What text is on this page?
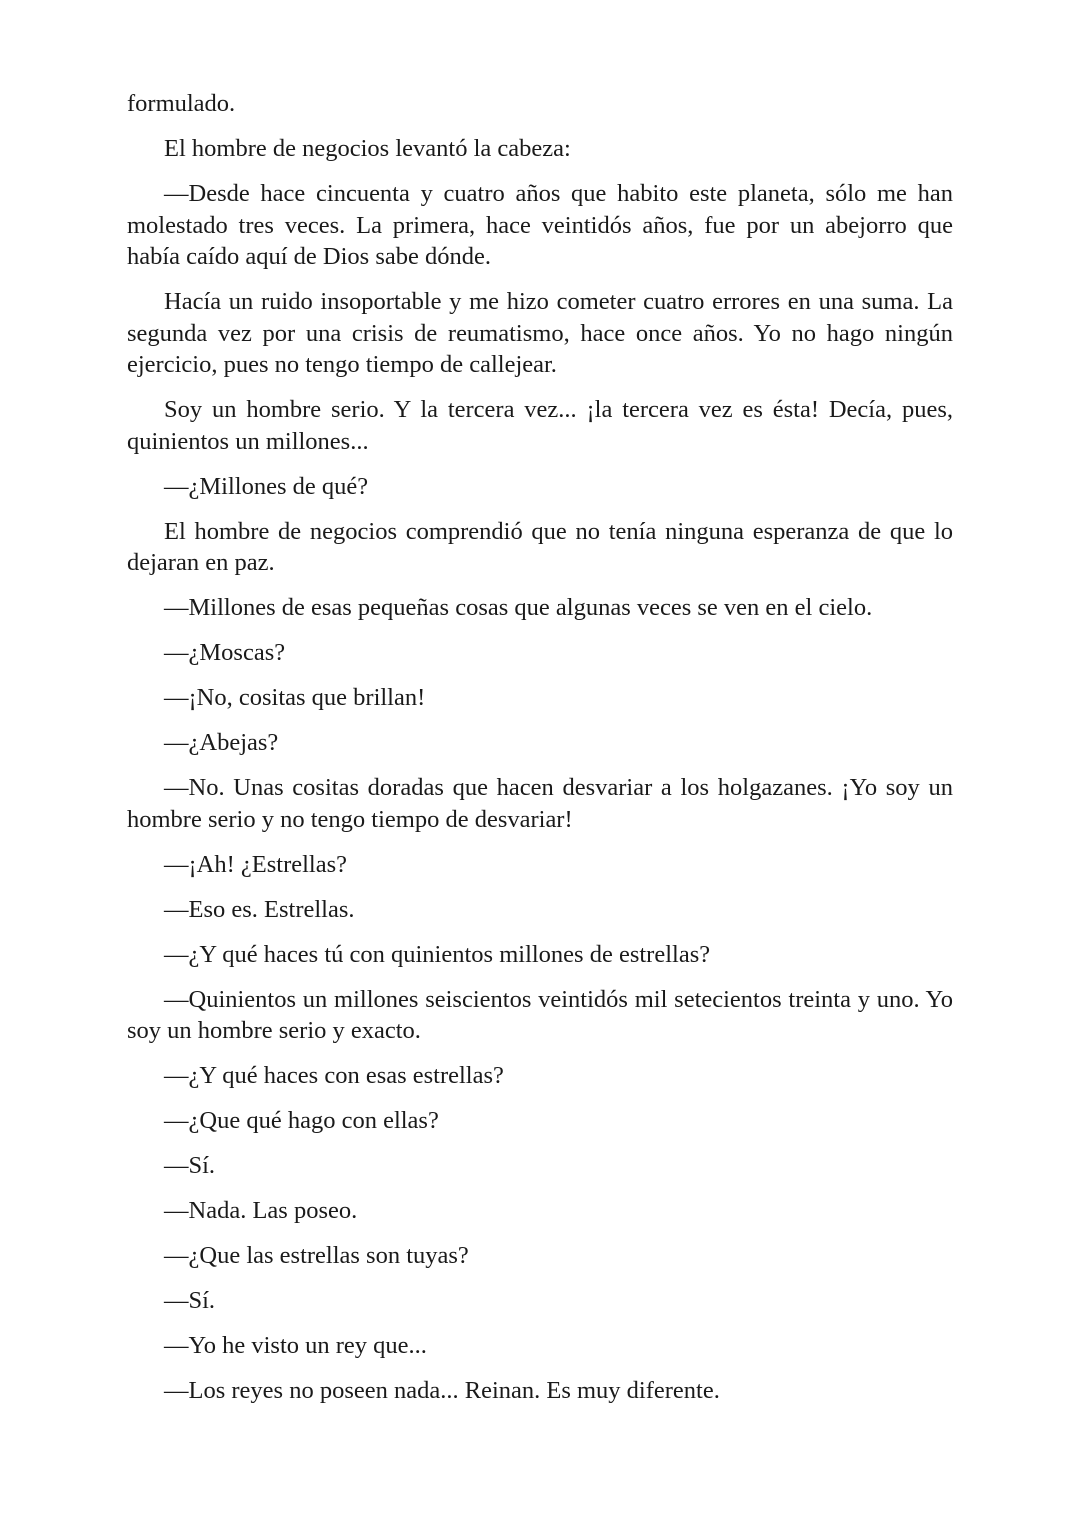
formulado.

El hombre de negocios levantó la cabeza:

—Desde hace cincuenta y cuatro años que habito este planeta, sólo me han molestado tres veces. La primera, hace veintidós años, fue por un abejorro que había caído aquí de Dios sabe dónde.

Hacía un ruido insoportable y me hizo cometer cuatro errores en una suma. La segunda vez por una crisis de reumatismo, hace once años. Yo no hago ningún ejercicio, pues no tengo tiempo de callejear.

Soy un hombre serio. Y la tercera vez... ¡la tercera vez es ésta! Decía, pues, quinientos un millones...

—¿Millones de qué?

El hombre de negocios comprendió que no tenía ninguna esperanza de que lo dejaran en paz.

—Millones de esas pequeñas cosas que algunas veces se ven en el cielo.

—¿Moscas?

—¡No, cositas que brillan!

—¿Abejas?

—No. Unas cositas doradas que hacen desvariar a los holgazanes. ¡Yo soy un hombre serio y no tengo tiempo de desvariar!

—¡Ah! ¿Estrellas?

—Eso es. Estrellas.

—¿Y qué haces tú con quinientos millones de estrellas?

—Quinientos un millones seiscientos veintidós mil setecientos treinta y uno. Yo soy un hombre serio y exacto.

—¿Y qué haces con esas estrellas?

—¿Que qué hago con ellas?

—Sí.

—Nada. Las poseo.

—¿Que las estrellas son tuyas?

—Sí.

—Yo he visto un rey que...

—Los reyes no poseen nada... Reinan. Es muy diferente.
